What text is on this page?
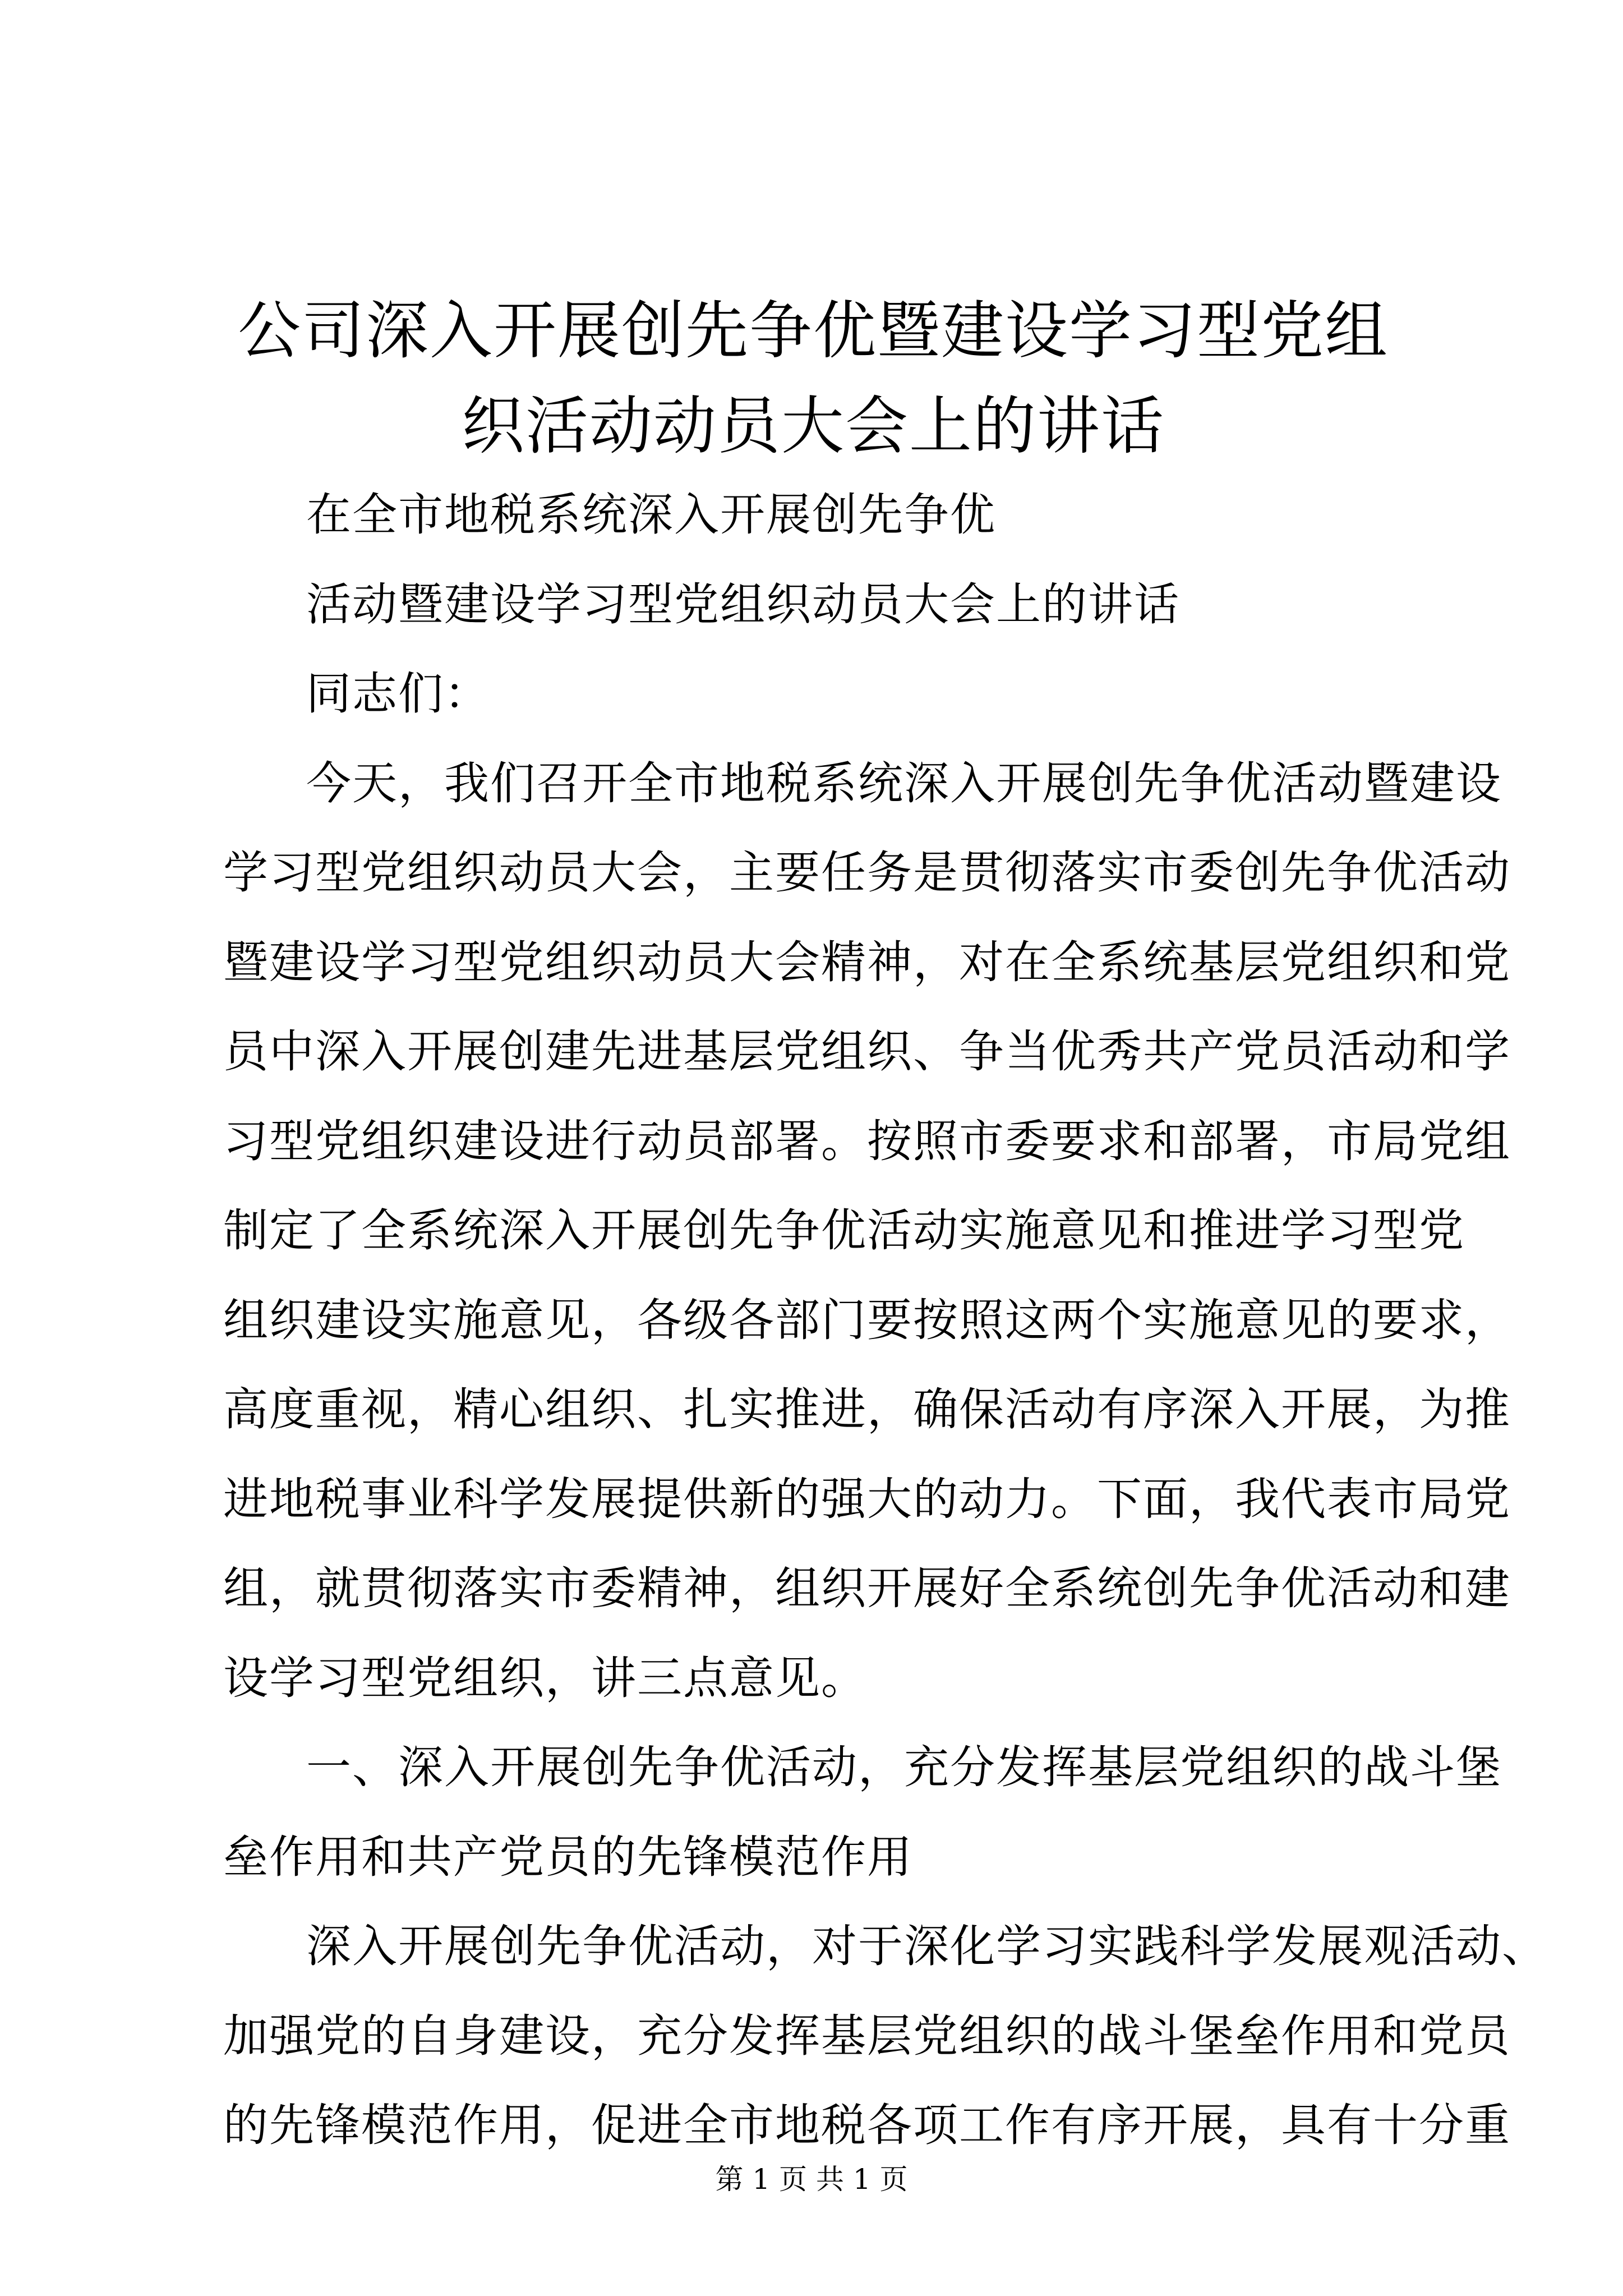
公司深入开展创先争优暨建设学习型党组织活动动员大会上的讲话

在全市地税系统深入开展创先争优

活动暨建设学习型党组织动员大会上的讲话

同志们：

今天，我们召开全市地税系统深入开展创先争优活动暨建设

学习型党组织动员大会，主要任务是贯彻落实市委创先争优活动

暨建设学习型党组织动员大会精神，对在全系统基层党组织和党

员中深入开展创建先进基层党组织、争当优秀共产党员活动和学

习型党组织建设进行动员部署。按照市委要求和部署，市局党组

制定了全系统深入开展创先争优活动实施意见和推进学习型党

组织建设实施意见，各级各部门要按照这两个实施意见的要求，

高度重视，精心组织、扎实推进，确保活动有序深入开展，为推

进地税事业科学发展提供新的强大的动力。下面，我代表市局党

组，就贯彻落实市委精神，组织开展好全系统创先争优活动和建

设学习型党组织，讲三点意见。

一、深入开展创先争优活动，充分发挥基层党组织的战斗堡

垒作用和共产党员的先锋模范作用

深入开展创先争优活动，对于深化学习实践科学发展观活动、

加强党的自身建设，充分发挥基层党组织的战斗堡垒作用和党员

的先锋模范作用，促进全市地税各项工作有序开展，具有十分重

第 1 页 共 1 页
